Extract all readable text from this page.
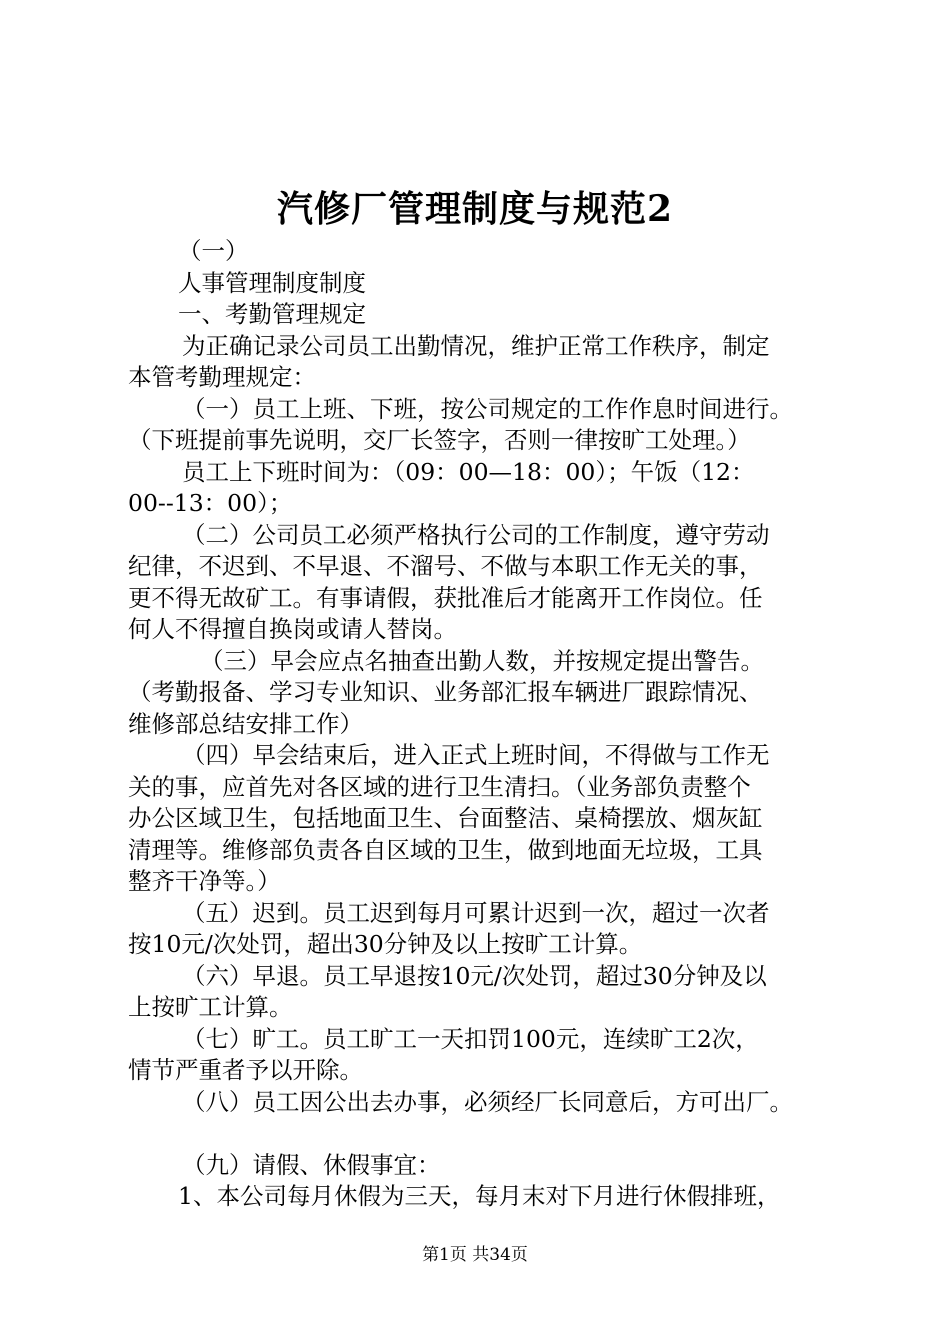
汽修厂管理制度与规范2
（一）
人事管理制度制度
一、考勤管理规定
为正确记录公司员工出勤情况，维护正常工作秩序，制定
本管考勤理规定：
（一）员工上班、下班，按公司规定的工作作息时间进行。
（下班提前事先说明，交厂长签字，否则一律按旷工处理。）
员工上下班时间为：（09：00—18：00）；午饭（12：
00--13：00）；
（二）公司员工必须严格执行公司的工作制度，遵守劳动
纪律，不迟到、不早退、不溜号、不做与本职工作无关的事，
更不得无故矿工。有事请假，获批准后才能离开工作岗位。任
何人不得擅自换岗或请人替岗。
（三）早会应点名抽查出勤人数，并按规定提出警告。
（考勤报备、学习专业知识、业务部汇报车辆进厂跟踪情况、
维修部总结安排工作）
（四）早会结束后，进入正式上班时间，不得做与工作无
关的事，应首先对各区域的进行卫生清扫。（业务部负责整个
办公区域卫生，包括地面卫生、台面整洁、桌椅摆放、烟灰缸
清理等。维修部负责各自区域的卫生，做到地面无垃圾，工具
整齐干净等。）
（五）迟到。员工迟到每月可累计迟到一次，超过一次者
按10元/次处罚，超出30分钟及以上按旷工计算。
（六）早退。员工早退按10元/次处罚，超过30分钟及以
上按旷工计算。
（七）旷工。员工旷工一天扣罚100元，连续旷工2次，
情节严重者予以开除。
（八）员工因公出去办事，必须经厂长同意后，方可出厂。
（九）请假、休假事宜：
1、本公司每月休假为三天，每月末对下月进行休假排班，
第1页 共34页
